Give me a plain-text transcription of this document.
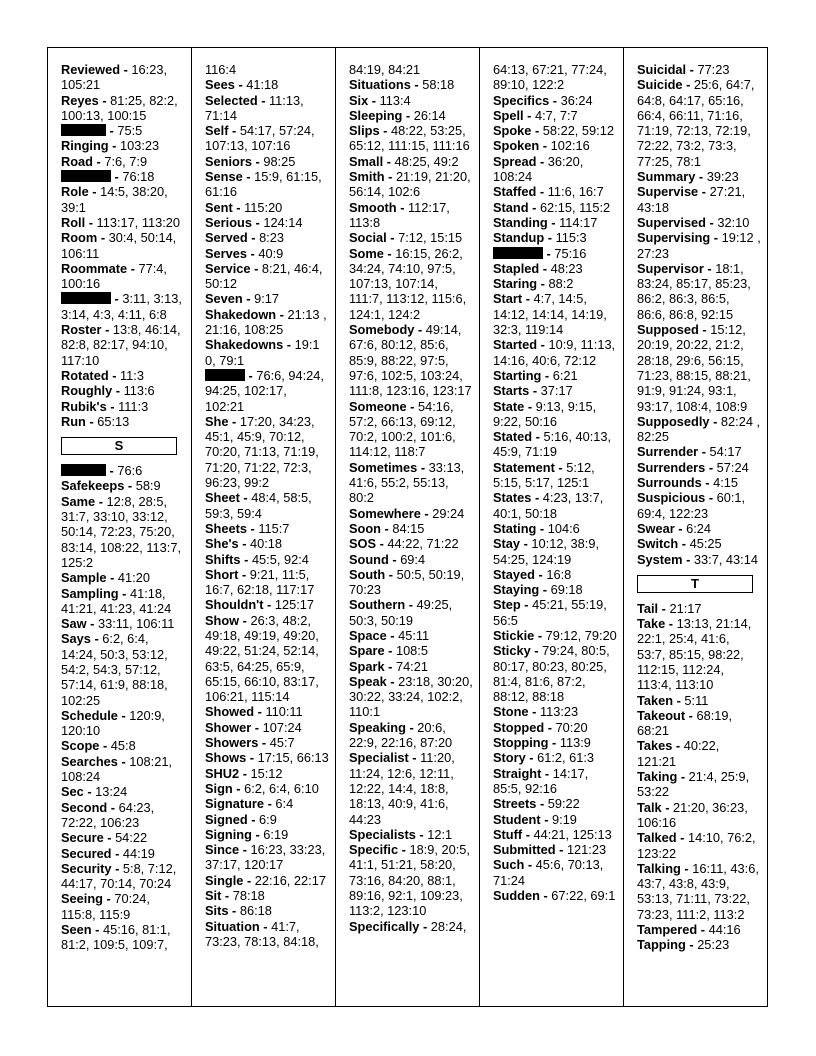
Reviewed - 16:23, 105:21

Reyes - 81:25, 82:2, 100:13, 100:15

- 75:5

Ringing - 103:23

Road - 7:6, 7:9

- 76:18

Role - 14:5, 38:20, 39:1

Roll - 113:17, 113:20

Room - 30:4, 50:14, 106:11

Roommate - 77:4, 100:16

- 3:11, 3:13, 3:14, 4:3, 4:11, 6:8

Roster - 13:8, 46:14, 82:8, 82:17, 94:10, 117:10

Rotated - 11:3

Roughly - 113:6

Rubik's - 111:3

Run - 65:13

S

- 76:6

Safekeeps - 58:9

Same - 12:8, 28:5, 31:7, 33:10, 33:12, 50:14, 72:23, 75:20, 83:14, 108:22, 113:7, 125:2

Sample - 41:20

Sampling - 41:18, 41:21, 41:23, 41:24

Saw - 33:11, 106:11

Says - 6:2, 6:4, 14:24, 50:3, 53:12, 54:2, 54:3, 57:12, 57:14, 61:9, 88:18, 102:25

Schedule - 120:9, 120:10

Scope - 45:8

Searches - 108:21, 108:24

Sec - 13:24

Second - 64:23, 72:22, 106:23

Secure - 54:22

Secured - 44:19

Security - 5:8, 7:12, 44:17, 70:14, 70:24

Seeing - 70:24, 115:8, 115:9

Seen - 45:16, 81:1, 81:2, 109:5, 109:7,

116:4

Sees - 41:18

Selected - 11:13, 71:14

Self - 54:17, 57:24, 107:13, 107:16

Seniors - 98:25

Sense - 15:9, 61:15, 61:16

Sent - 115:20

Serious - 124:14

Served - 8:23

Serves - 40:9

Service - 8:21, 46:4, 50:12

Seven - 9:17

Shakedown - 21:13 , 21:16, 108:25

Shakedowns - 19:1 0, 79:1

- 76:6, 94:24, 94:25, 102:17, 102:21

She - 17:20, 34:23, 45:1, 45:9, 70:12, 70:20, 71:13, 71:19, 71:20, 71:22, 72:3, 96:23, 99:2

Sheet - 48:4, 58:5, 59:3, 59:4

Sheets - 115:7

She's - 40:18

Shifts - 45:5, 92:4

Short - 9:21, 11:5, 16:7, 62:18, 117:17

Shouldn't - 125:17

Show - 26:3, 48:2, 49:18, 49:19, 49:20, 49:22, 51:24, 52:14, 63:5, 64:25, 65:9, 65:15, 66:10, 83:17, 106:21, 115:14

Showed - 110:11

Shower - 107:24

Showers - 45:7

Shows - 17:15, 66:13

SHU2 - 15:12

Sign - 6:2, 6:4, 6:10

Signature - 6:4

Signed - 6:9

Signing - 6:19

Since - 16:23, 33:23, 37:17, 120:17

Single - 22:16, 22:17

Sit - 78:18

Sits - 86:18

Situation - 41:7, 73:23, 78:13, 84:18,

84:19, 84:21

Situations - 58:18

Six - 113:4

Sleeping - 26:14

Slips - 48:22, 53:25, 65:12, 111:15, 111:16

Small - 48:25, 49:2

Smith - 21:19, 21:20, 56:14, 102:6

Smooth - 112:17, 113:8

Social - 7:12, 15:15

Some - 16:15, 26:2, 34:24, 74:10, 97:5, 107:13, 107:14, 111:7, 113:12, 115:6, 124:1, 124:2

Somebody - 49:14, 67:6, 80:12, 85:6, 85:9, 88:22, 97:5, 97:6, 102:5, 103:24, 111:8, 123:16, 123:17

Someone - 54:16, 57:2, 66:13, 69:12, 70:2, 100:2, 101:6, 114:12, 118:7

Sometimes - 33:13, 41:6, 55:2, 55:13, 80:2

Somewhere - 29:24

Soon - 84:15

SOS - 44:22, 71:22

Sound - 69:4

South - 50:5, 50:19, 70:23

Southern - 49:25, 50:3, 50:19

Space - 45:11

Spare - 108:5

Spark - 74:21

Speak - 23:18, 30:20, 30:22, 33:24, 102:2, 110:1

Speaking - 20:6, 22:9, 22:16, 87:20

Specialist - 11:20, 11:24, 12:6, 12:11, 12:22, 14:4, 18:8, 18:13, 40:9, 41:6, 44:23

Specialists - 12:1

Specific - 18:9, 20:5, 41:1, 51:21, 58:20, 73:16, 84:20, 88:1, 89:16, 92:1, 109:23, 113:2, 123:10

Specifically - 28:24,

64:13, 67:21, 77:24, 89:10, 122:2

Specifics - 36:24

Spell - 4:7, 7:7

Spoke - 58:22, 59:12

Spoken - 102:16

Spread - 36:20, 108:24

Staffed - 11:6, 16:7

Stand - 62:15, 115:2

Standing - 114:17

Standup - 115:3

- 75:16

Stapled - 48:23

Staring - 88:2

Start - 4:7, 14:5, 14:12, 14:14, 14:19, 32:3, 119:14

Started - 10:9, 11:13, 14:16, 40:6, 72:12

Starting - 6:21

Starts - 37:17

State - 9:13, 9:15, 9:22, 50:16

Stated - 5:16, 40:13, 45:9, 71:19

Statement - 5:12, 5:15, 5:17, 125:1

States - 4:23, 13:7, 40:1, 50:18

Stating - 104:6

Stay - 10:12, 38:9, 54:25, 124:19

Stayed - 16:8

Staying - 69:18

Step - 45:21, 55:19, 56:5

Stickie - 79:12, 79:20

Sticky - 79:24, 80:5, 80:17, 80:23, 80:25, 81:4, 81:6, 87:2, 88:12, 88:18

Stone - 113:23

Stopped - 70:20

Stopping - 113:9

Story - 61:2, 61:3

Straight - 14:17, 85:5, 92:16

Streets - 59:22

Student - 9:19

Stuff - 44:21, 125:13

Submitted - 121:23

Such - 45:6, 70:13, 71:24

Sudden - 67:22, 69:1

Suicidal - 77:23

Suicide - 25:6, 64:7, 64:8, 64:17, 65:16, 66:4, 66:11, 71:16, 71:19, 72:13, 72:19, 72:22, 73:2, 73:3, 77:25, 78:1

Summary - 39:23

Supervise - 27:21, 43:18

Supervised - 32:10

Supervising - 19:12 , 27:23

Supervisor - 18:1, 83:24, 85:17, 85:23, 86:2, 86:3, 86:5, 86:6, 86:8, 92:15

Supposed - 15:12, 20:19, 20:22, 21:2, 28:18, 29:6, 56:15, 71:23, 88:15, 88:21, 91:9, 91:24, 93:1, 93:17, 108:4, 108:9

Supposedly - 82:24 , 82:25

Surrender - 54:17

Surrenders - 57:24

Surrounds - 4:15

Suspicious - 60:1, 69:4, 122:23

Swear - 6:24

Switch - 45:25

System - 33:7, 43:14

T

Tail - 21:17

Take - 13:13, 21:14, 22:1, 25:4, 41:6, 53:7, 85:15, 98:22, 112:15, 112:24, 113:4, 113:10

Taken - 5:11

Takeout - 68:19, 68:21

Takes - 40:22, 121:21

Taking - 21:4, 25:9, 53:22

Talk - 21:20, 36:23, 106:16

Talked - 14:10, 76:2, 123:22

Talking - 16:11, 43:6, 43:7, 43:8, 43:9, 53:13, 71:11, 73:22, 73:23, 111:2, 113:2

Tampered - 44:16

Tapping - 25:23
